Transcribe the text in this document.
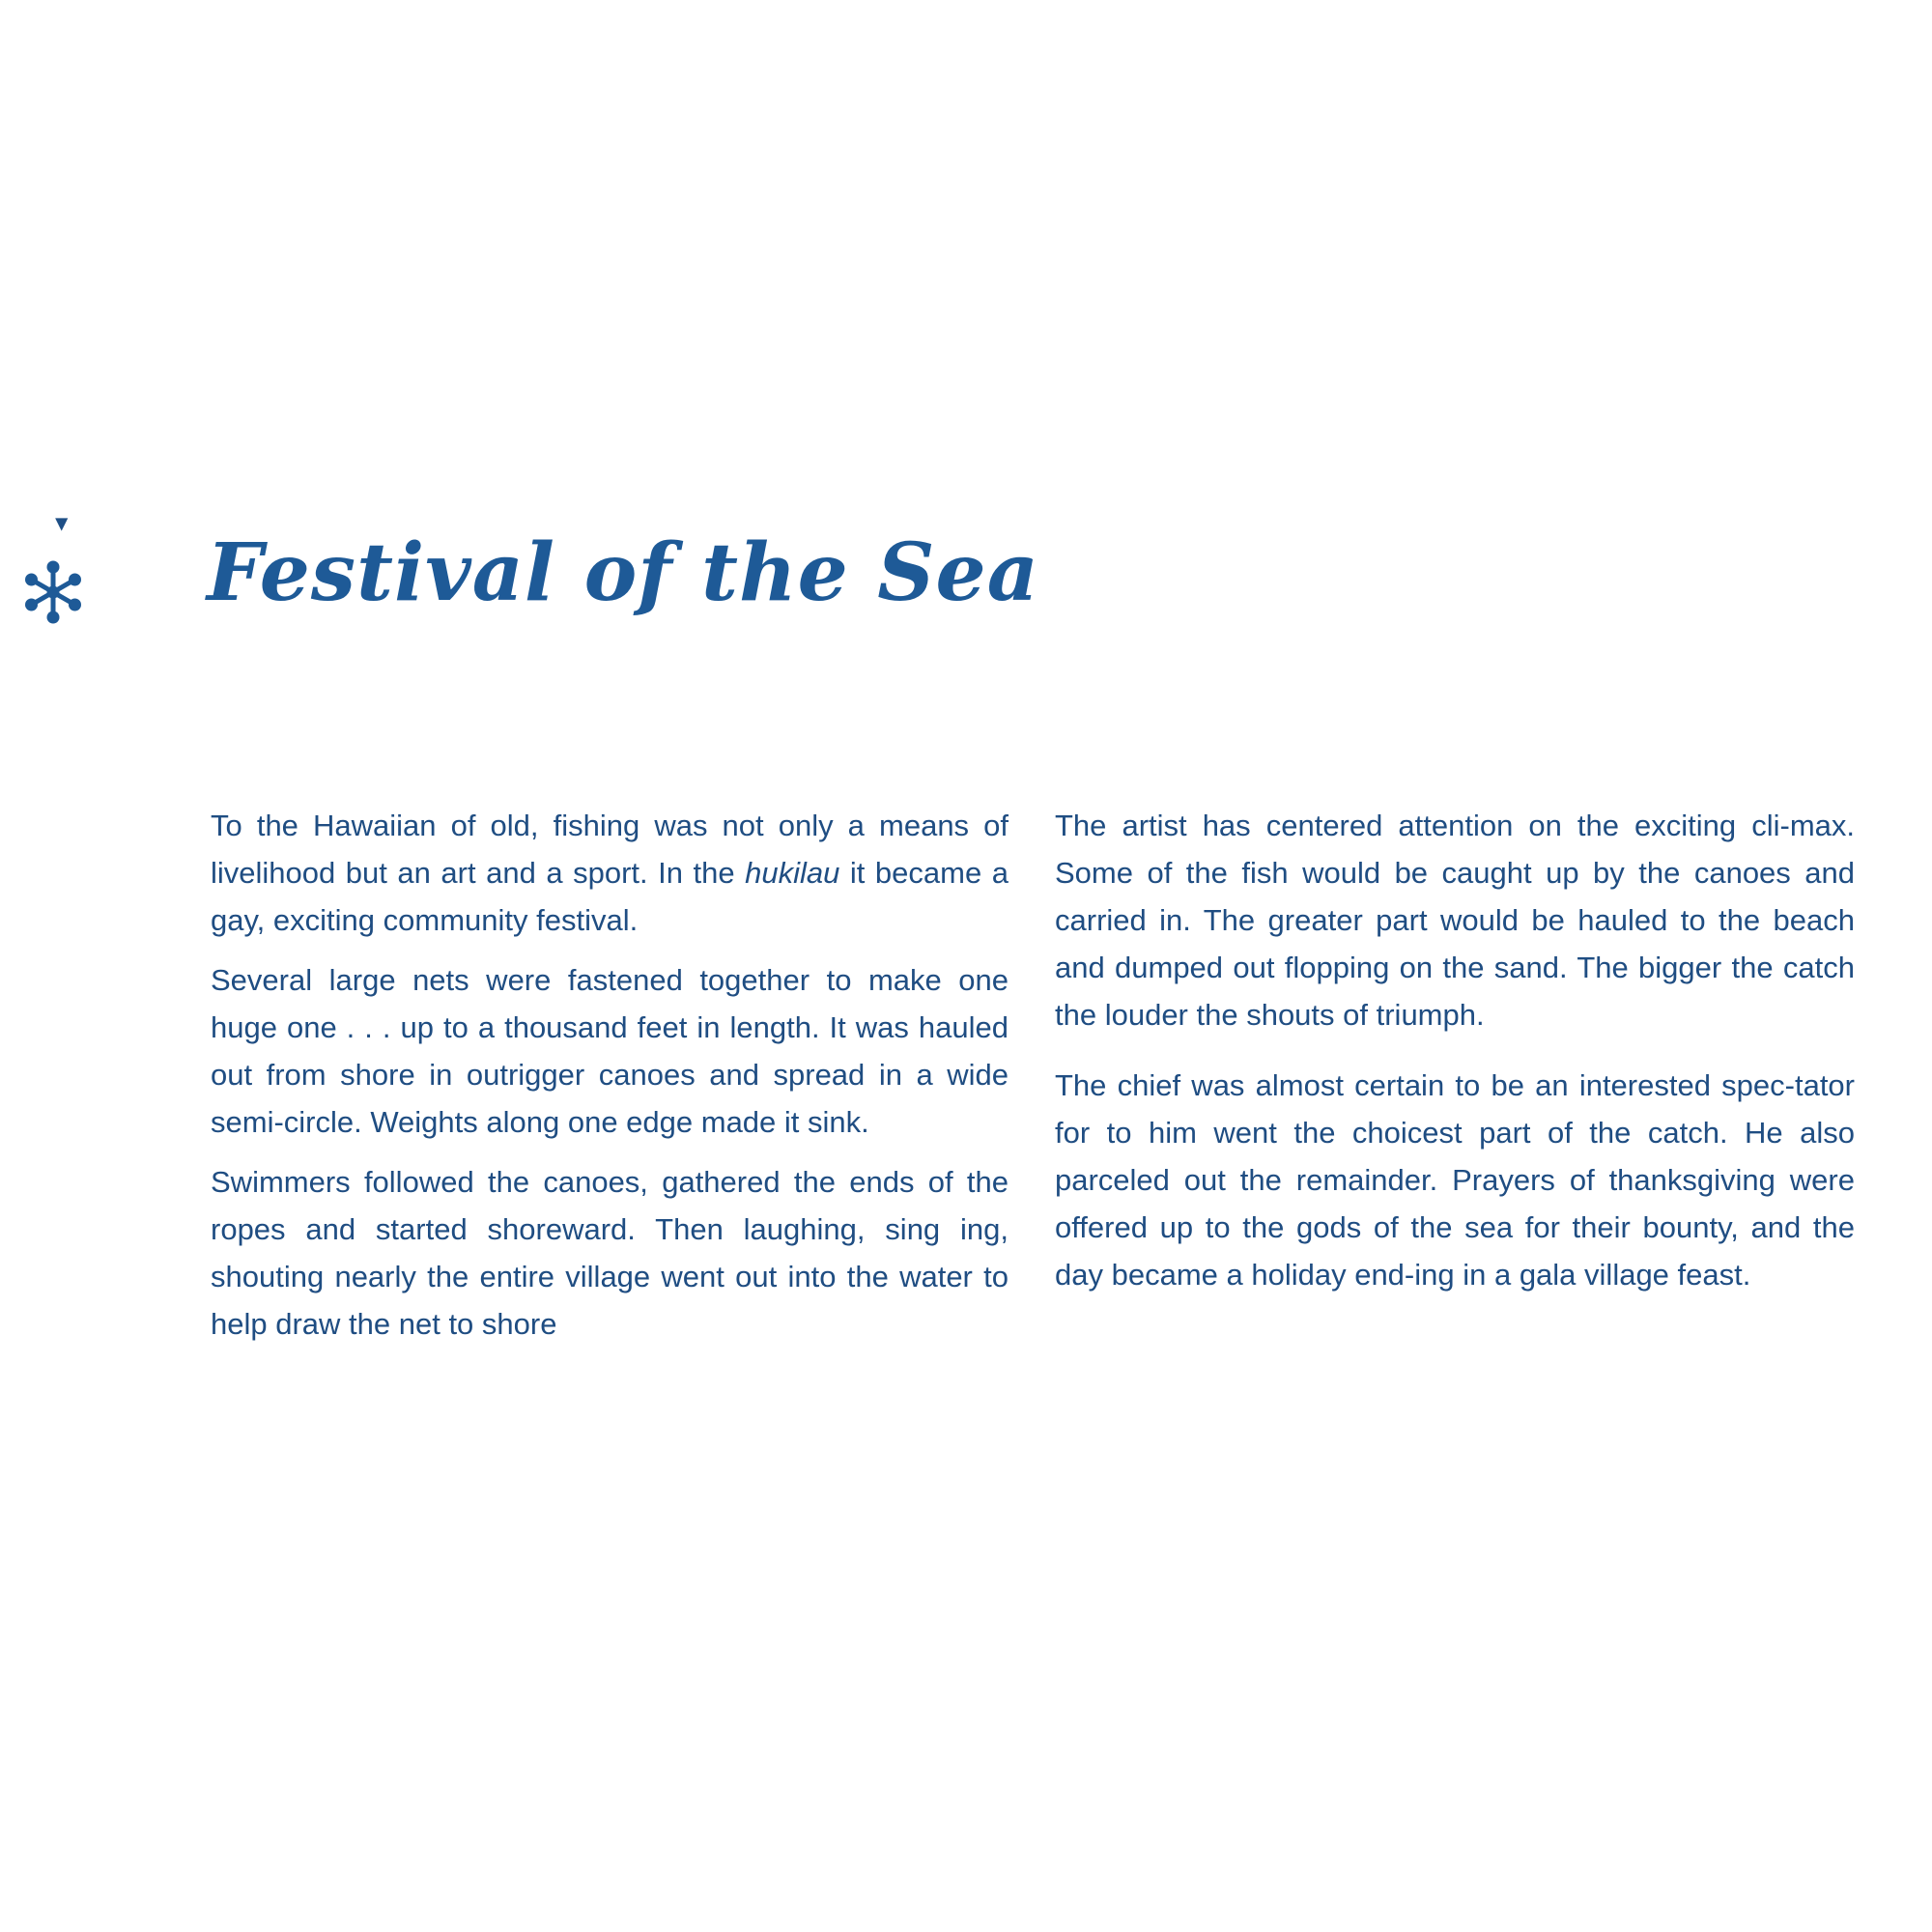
◄
Festival of the Sea

To the Hawaiian of old, fishing was not only a means of livelihood but an art and a sport. In the hukilau it became a gay, exciting community festival.

Several large nets were fastened together to make one huge one . . . up to a thousand feet in length. It was hauled out from shore in outrigger canoes and spread in a wide semi-circle. Weights along one edge made it sink.

Swimmers followed the canoes, gathered the ends of the ropes and started shoreward. Then laughing, sing ing, shouting nearly the entire village went out into the water to help draw the net to shore

The artist has centered attention on the exciting cli-max. Some of the fish would be caught up by the canoes and carried in. The greater part would be hauled to the beach and dumped out flopping on the sand. The bigger the catch the louder the shouts of triumph.

The chief was almost certain to be an interested spec-tator for to him went the choicest part of the catch. He also parceled out the remainder. Prayers of thanksgiving were offered up to the gods of the sea for their bounty, and the day became a holiday end-ing in a gala village feast.
